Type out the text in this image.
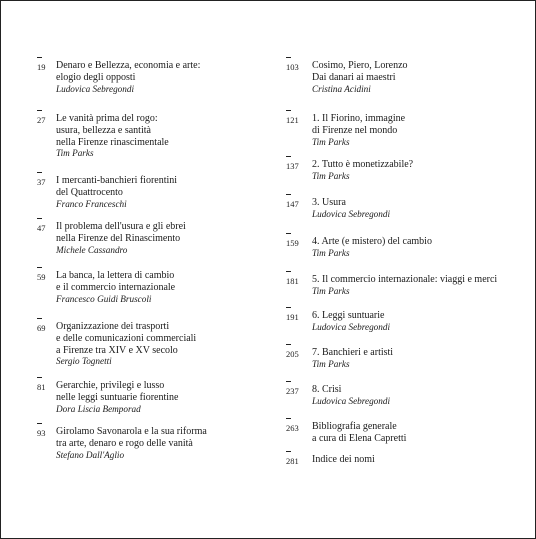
19 Denaro e Bellezza, economia e arte:
elogio degli opposti
Ludovica Sebregondi
27 Le vanità prima del rogo:
usura, bellezza e santità
nella Firenze rinascimentale
Tim Parks
37 I mercanti-banchieri fiorentini
del Quattrocento
Franco Franceschi
47 Il problema dell'usura e gli ebrei
nella Firenze del Rinascimento
Michele Cassandro
59 La banca, la lettera di cambio
e il commercio internazionale
Francesco Guidi Bruscoli
69 Organizzazione dei trasporti
e delle comunicazioni commerciali
a Firenze tra XIV e XV secolo
Sergio Tognetti
81 Gerarchie, privilegi e lusso
nelle leggi suntuarie fiorentine
Dora Liscia Bemporad
93 Girolamo Savonarola e la sua riforma
tra arte, denaro e rogo delle vanità
Stefano Dall'Aglio
103 Cosimo, Piero, Lorenzo
Dai danari ai maestri
Cristina Acidini
121 1. Il Fiorino, immagine
di Firenze nel mondo
Tim Parks
137 2. Tutto è monetizzabile?
Tim Parks
147 3. Usura
Ludovica Sebregondi
159 4. Arte (e mistero) del cambio
Tim Parks
181 5. Il commercio internazionale: viaggi e merci
Tim Parks
191 6. Leggi suntuarie
Ludovica Sebregondi
205 7. Banchieri e artisti
Tim Parks
237 8. Crisi
Ludovica Sebregondi
263 Bibliografia generale
a cura di Elena Capretti
281 Indice dei nomi
